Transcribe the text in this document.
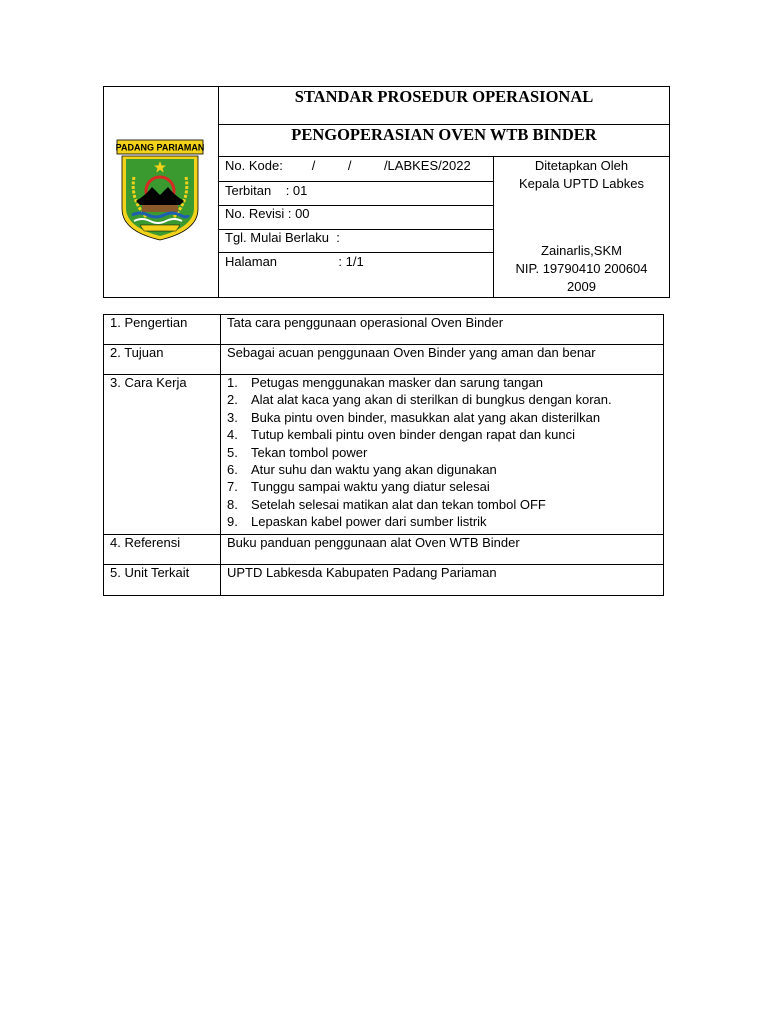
PADANG PARIAMAN
STANDAR PROSEDUR OPERASIONAL
PENGOPERASIAN OVEN WTB BINDER
No. Kode:        /         /         /LABKES/2022
Terbitan    : 01
No. Revisi : 00
Tgl. Mulai Berlaku  :
Halaman                 : 1/1
Ditetapkan Oleh
Kepala UPTD Labkes
Zainarlis,SKM
NIP. 19790410 200604
2009
1. Pengertian	Tata cara penggunaan operasional Oven Binder
2. Tujuan	Sebagai acuan penggunaan Oven Binder yang aman dan benar
3. Cara Kerja	1. Petugas menggunakan masker dan sarung tangan
2. Alat alat kaca yang akan di sterilkan di bungkus dengan koran.
3. Buka pintu oven binder, masukkan alat yang akan disterilkan
4. Tutup kembali pintu oven binder dengan rapat dan kunci
5. Tekan tombol power
6. Atur suhu dan waktu yang akan digunakan
7. Tunggu sampai waktu yang diatur selesai
8. Setelah selesai matikan alat dan tekan tombol OFF
9. Lepaskan kabel power dari sumber listrik
4. Referensi	Buku panduan penggunaan alat Oven WTB Binder
5. Unit Terkait	UPTD Labkesda Kabupaten Padang Pariaman
